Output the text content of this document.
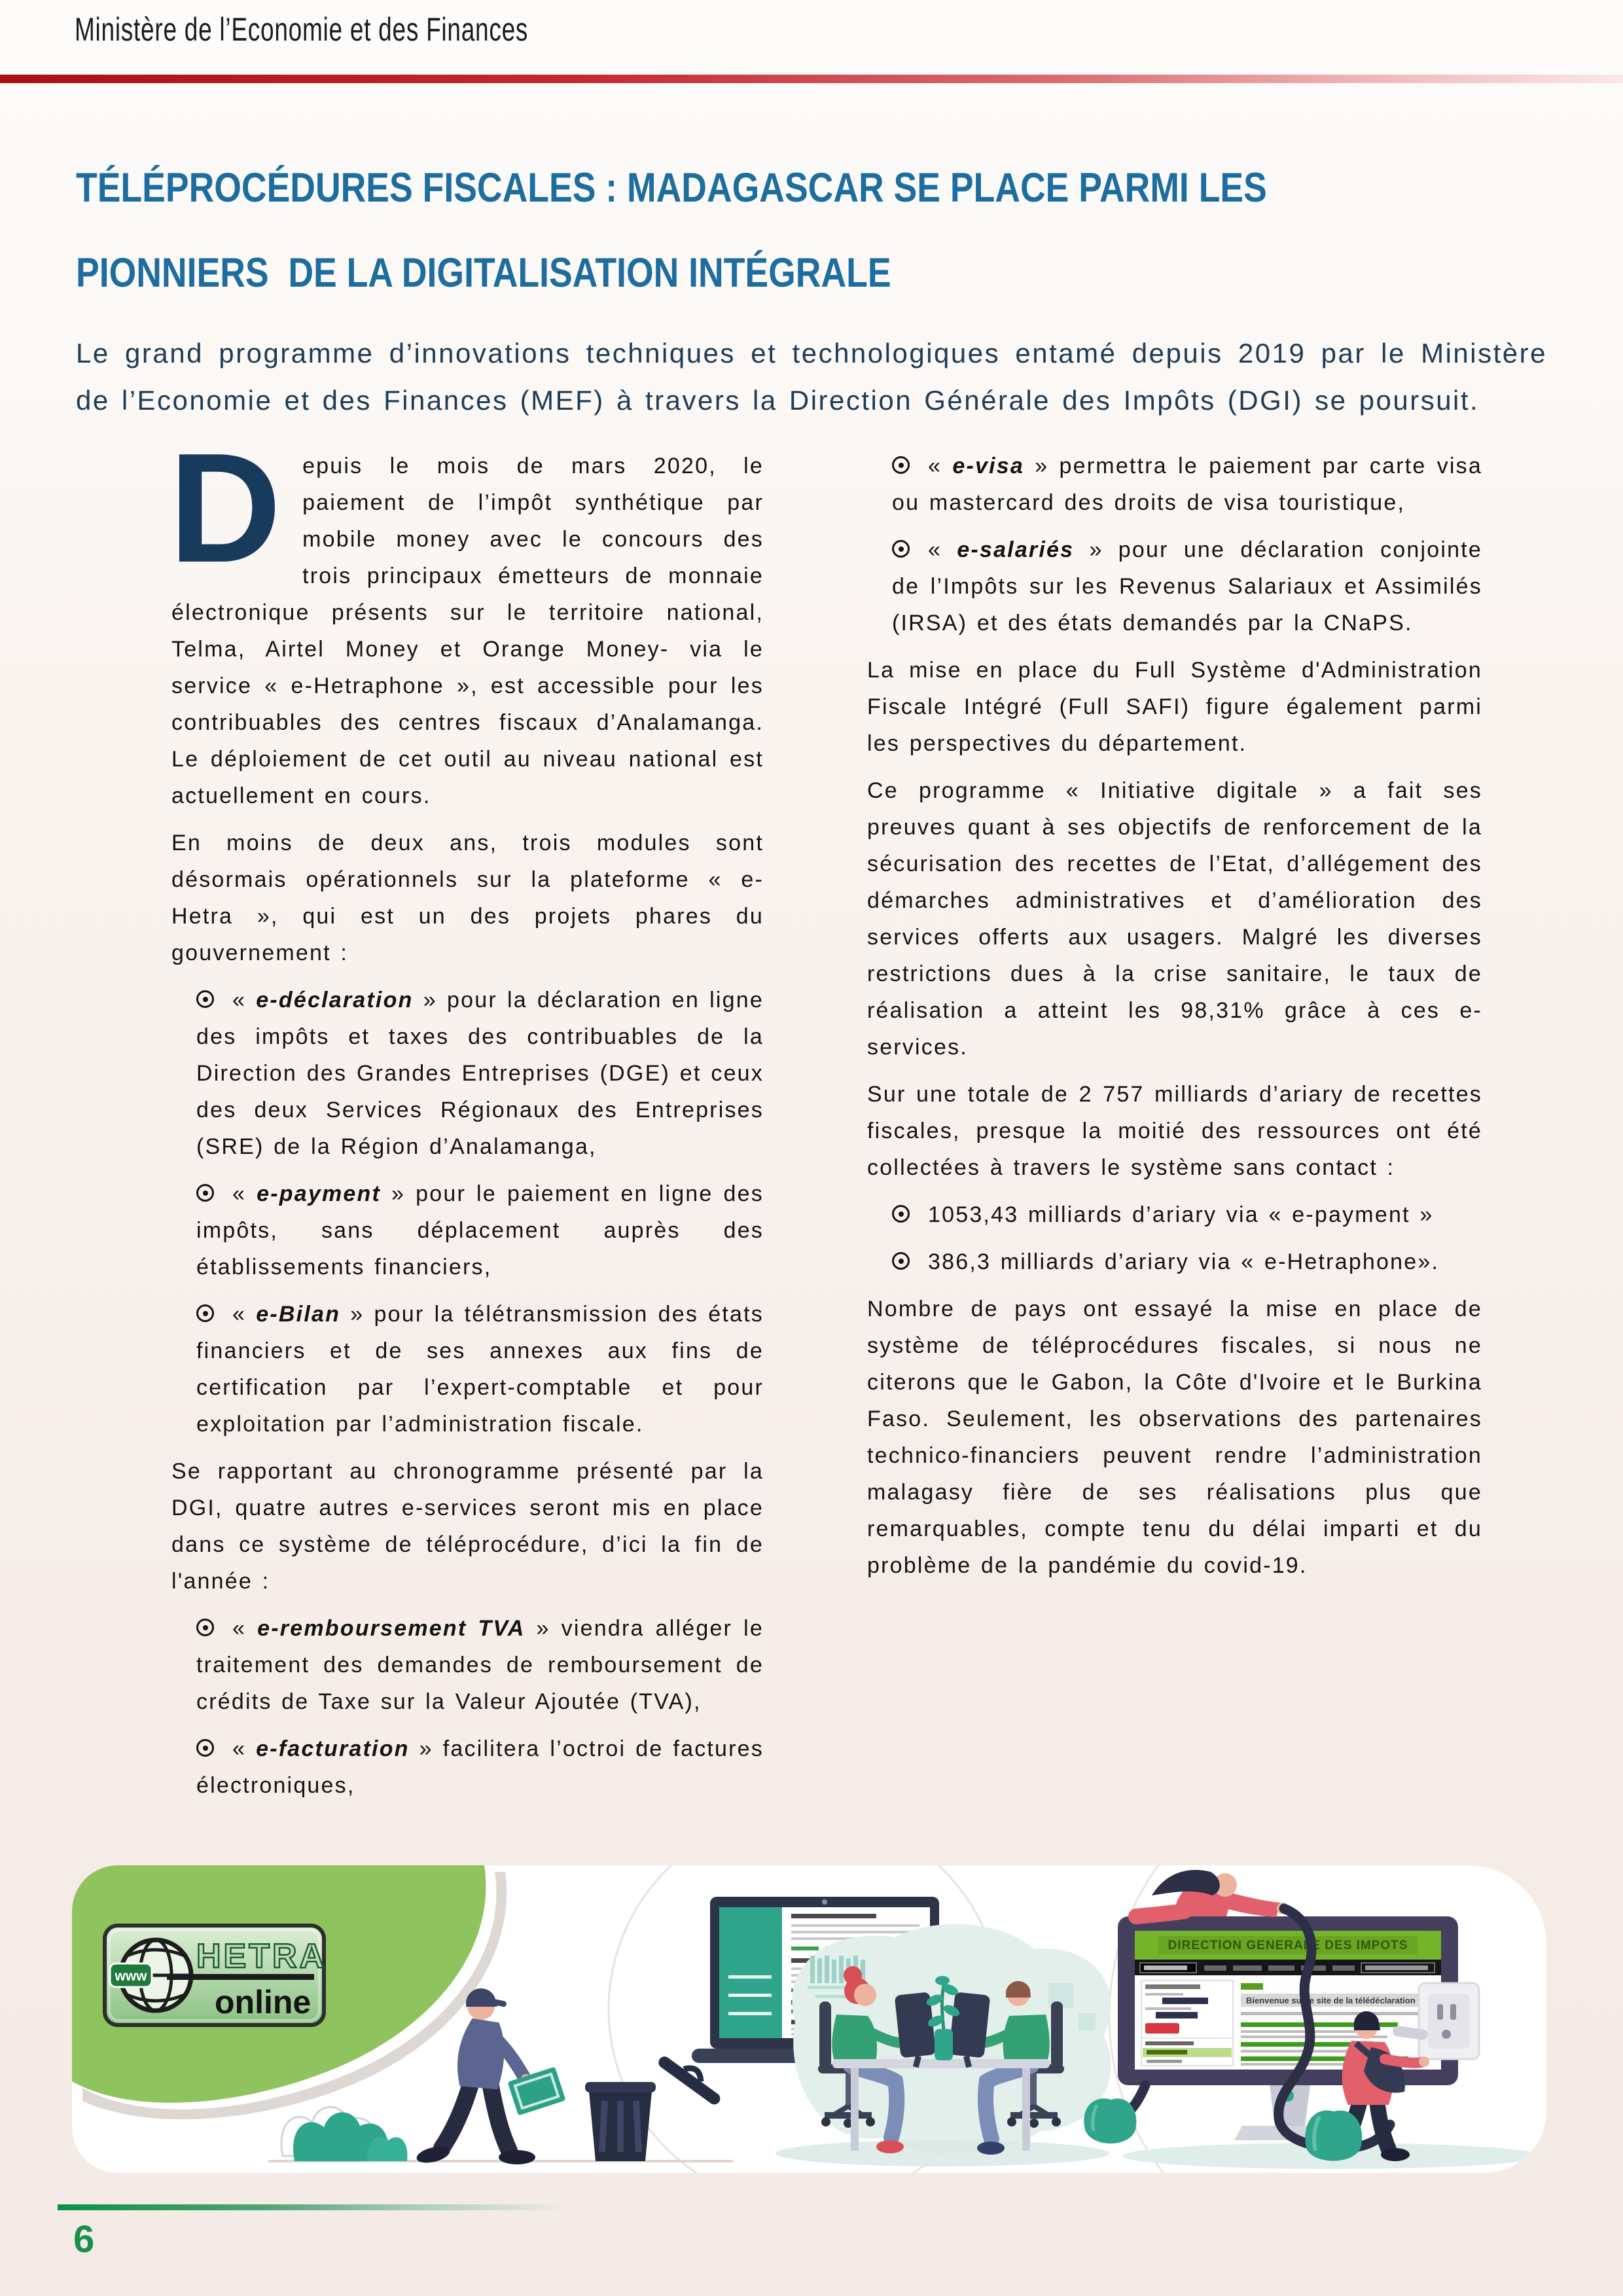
Ministère de l’Economie et des Finances
TÉLÉPROCÉDURES FISCALES : MADAGASCAR SE PLACE PARMI LES
PIONNIERS  DE LA DIGITALISATION INTÉGRALE

Le grand programme d’innovations techniques et technologiques entamé depuis 2019 par le Ministère de l’Economie et des Finances (MEF) à travers la Direction Générale des Impôts (DGI) se poursuit.

Depuis le mois de mars 2020, le paiement de l’impôt synthétique par mobile money avec le concours des trois principaux émetteurs de monnaie électronique présents sur le territoire national, Telma, Airtel Money et Orange Money- via le service « e-Hetraphone », est accessible pour les contribuables des centres fiscaux d’Analamanga. Le déploiement de cet outil au niveau national est actuellement en cours.

En moins de deux ans, trois modules sont désormais opérationnels sur la plateforme « e-Hetra », qui est un des projets phares du gouvernement :

« e-déclaration » pour la déclaration en ligne des impôts et taxes des contribuables de la Direction des Grandes Entreprises (DGE) et ceux des deux Services Régionaux des Entreprises (SRE) de la Région d’Analamanga,

« e-payment » pour le paiement en ligne des impôts, sans déplacement auprès des établissements financiers,

« e-Bilan » pour la télétransmission des états financiers et de ses annexes aux fins de certification par l’expert-comptable et pour exploitation par l’administration fiscale.

Se rapportant au chronogramme présenté par la DGI, quatre autres e-services seront mis en place dans ce système de téléprocédure, d’ici la fin de l'année :

« e-remboursement TVA » viendra alléger le traitement des demandes de remboursement de crédits de Taxe sur la Valeur Ajoutée (TVA),

« e-facturation » facilitera l’octroi de factures électroniques,

« e-visa » permettra le paiement par carte visa ou mastercard des droits de visa touristique,

« e-salariés » pour une déclaration conjointe de l’Impôts sur les Revenus Salariaux et Assimilés (IRSA) et des états demandés par la CNaPS.

La mise en place du Full Système d'Administration Fiscale Intégré (Full SAFI) figure également parmi les perspectives du département.

Ce programme « Initiative digitale » a fait ses preuves quant à ses objectifs de renforcement de la sécurisation des recettes de l’Etat, d’allégement des démarches administratives et d’amélioration des services offerts aux usagers. Malgré les diverses restrictions dues à la crise sanitaire, le taux de réalisation a atteint les 98,31% grâce à ces e-services.

Sur une totale de 2 757 milliards d’ariary de recettes fiscales, presque la moitié des ressources ont été collectées à travers le système sans contact :

1053,43 milliards d’ariary via « e-payment »

386,3 milliards d’ariary via « e-Hetraphone».

Nombre de pays ont essayé la mise en place de système de téléprocédures fiscales, si nous ne citerons que le Gabon, la Côte d'Ivoire et le Burkina Faso. Seulement, les observations des partenaires technico-financiers peuvent rendre l’administration malagasy fière de ses réalisations plus que remarquables, compte tenu du délai imparti et du problème de la pandémie du covid-19.

www
HETRA
online
DIRECTION GENERALE DES IMPOTS
Bienvenue sur le site de la télédéclaration
6
